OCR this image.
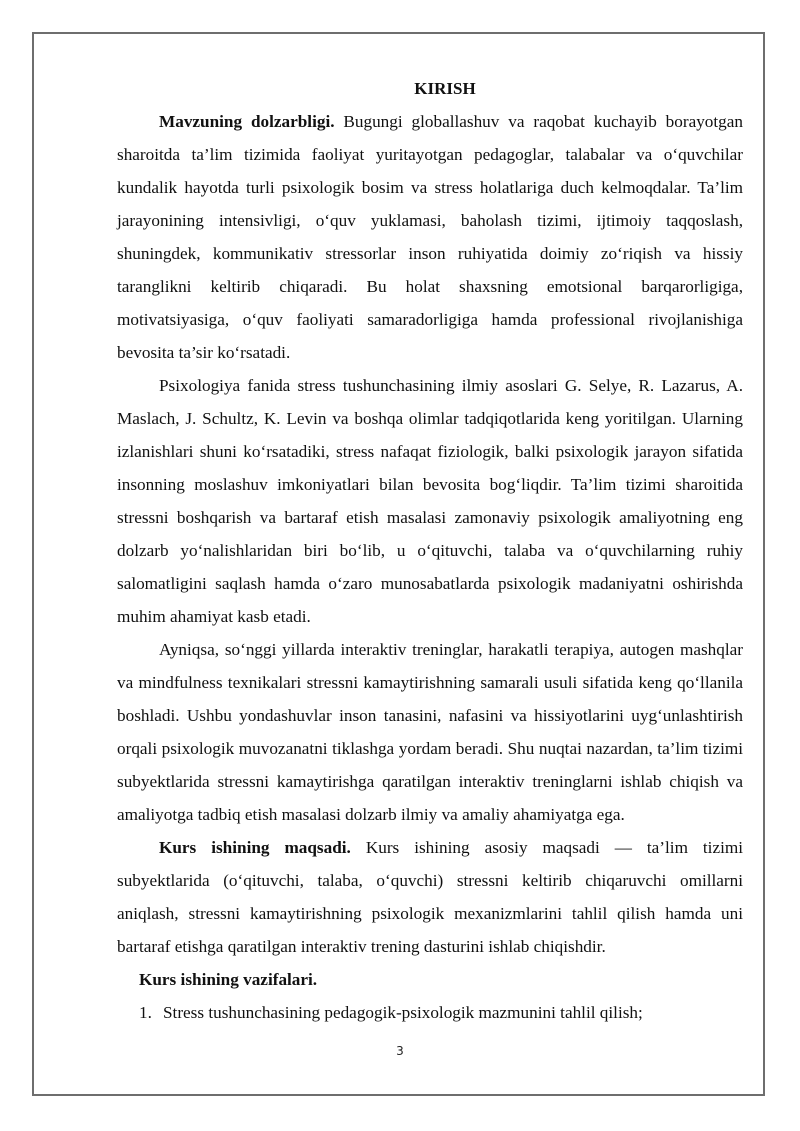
KIRISH

Mavzuning dolzarbligi. Bugungi globallashuv va raqobat kuchayib borayotgan sharoitda ta’lim tizimida faoliyat yuritayotgan pedagoglar, talabalar va o‘quvchilar kundalik hayotda turli psixologik bosim va stress holatlariga duch kelmoqdalar. Ta’lim jarayonining intensivligi, o‘quv yuklamasi, baholash tizimi, ijtimoiy taqqoslash, shuningdek, kommunikativ stressorlar inson ruhiyatida doimiy zo‘riqish va hissiy taranglikni keltirib chiqaradi. Bu holat shaxsning emotsional barqarorligiga, motivatsiyasiga, o‘quv faoliyati samaradorligiga hamda professional rivojlanishiga bevosita ta’sir ko‘rsatadi.

Psixologiya fanida stress tushunchasining ilmiy asoslari G. Selye, R. Lazarus, A. Maslach, J. Schultz, K. Levin va boshqa olimlar tadqiqotlarida keng yoritilgan. Ularning izlanishlari shuni ko‘rsatadiki, stress nafaqat fiziologik, balki psixologik jarayon sifatida insonning moslashuv imkoniyatlari bilan bevosita bog‘liqdir. Ta’lim tizimi sharoitida stressni boshqarish va bartaraf etish masalasi zamonaviy psixologik amaliyotning eng dolzarb yo‘nalishlaridan biri bo‘lib, u o‘qituvchi, talaba va o‘quvchilarning ruhiy salomatligini saqlash hamda o‘zaro munosabatlarda psixologik madaniyatni oshirishda muhim ahamiyat kasb etadi.

Ayniqsa, so‘nggi yillarda interaktiv treninglar, harakatli terapiya, autogen mashqlar va mindfulness texnikalari stressni kamaytirishning samarali usuli sifatida keng qo‘llanila boshladi. Ushbu yondashuvlar inson tanasini, nafasini va hissiyotlarini uyg‘unlashtirish orqali psixologik muvozanatni tiklashga yordam beradi. Shu nuqtai nazardan, ta’lim tizimi subyektlarida stressni kamaytirishga qaratilgan interaktiv treninglarni ishlab chiqish va amaliyotga tadbiq etish masalasi dolzarb ilmiy va amaliy ahamiyatga ega.

Kurs ishining maqsadi. Kurs ishining asosiy maqsadi — ta’lim tizimi subyektlarida (o‘qituvchi, talaba, o‘quvchi) stressni keltirib chiqaruvchi omillarni aniqlash, stressni kamaytirishning psixologik mexanizmlarini tahlil qilish hamda uni bartaraf etishga qaratilgan interaktiv trening dasturini ishlab chiqishdir.

Kurs ishining vazifalari.

1. Stress tushunchasining pedagogik-psixologik mazmunini tahlil qilish;
3
